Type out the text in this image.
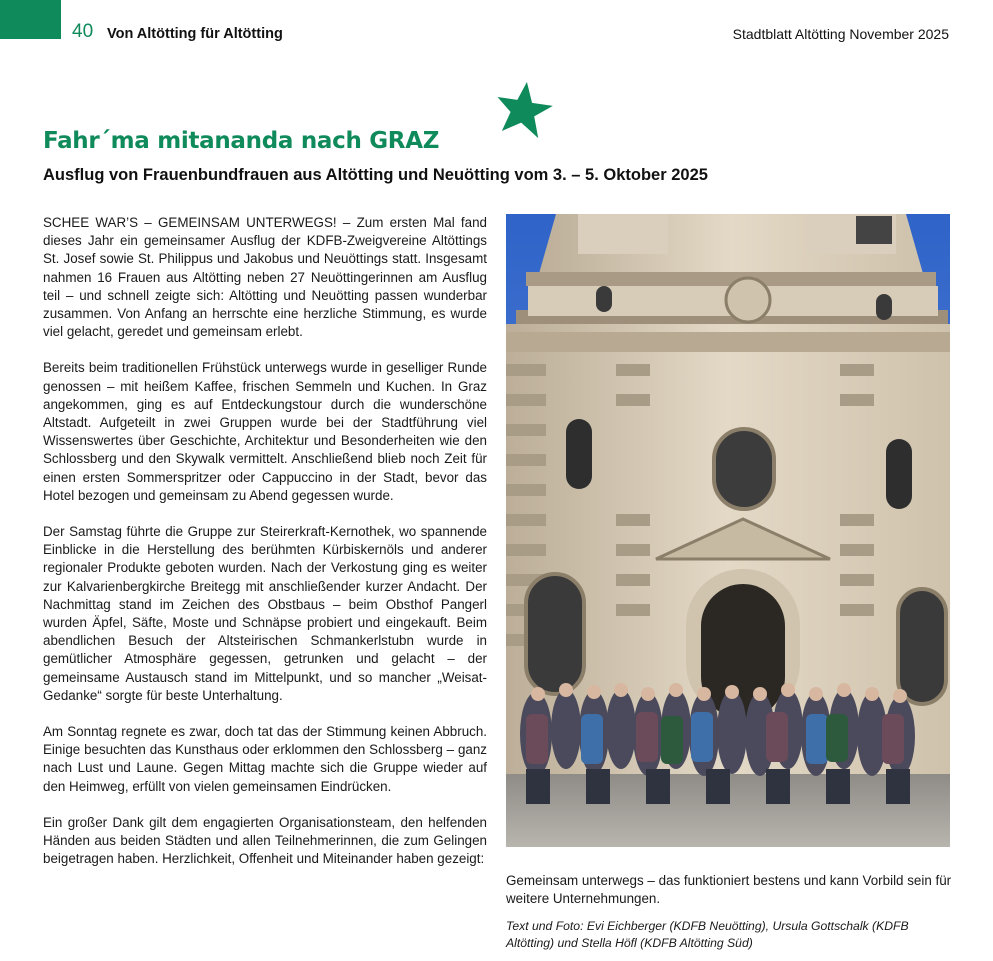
40 Von Altötting für Altötting	Stadtblatt Altötting November 2025
Fahr´ma mitananda nach GRAZ
Ausflug von Frauenbundfrauen aus Altötting und Neuötting vom 3. – 5. Oktober 2025

SCHEE WAR’S – GEMEINSAM UNTERWEGS! – Zum ersten Mal fand dieses Jahr ein gemeinsamer Ausflug der KDFB-Zweigvereine Altöttings St. Josef sowie St. Philippus und Jakobus und Neuöttings statt. Insgesamt nahmen 16 Frauen aus Altötting neben 27 Neuöttingerinnen am Ausflug teil – und schnell zeigte sich: Altötting und Neuötting passen wunderbar zusammen. Von Anfang an herrschte eine herzliche Stimmung, es wurde viel gelacht, geredet und gemeinsam erlebt.

Bereits beim traditionellen Frühstück unterwegs wurde in geselliger Runde genossen – mit heißem Kaffee, frischen Semmeln und Kuchen. In Graz angekommen, ging es auf Entdeckungstour durch die wunderschöne Altstadt. Aufgeteilt in zwei Gruppen wurde bei der Stadtführung viel Wissenswertes über Geschichte, Architektur und Besonderheiten wie den Schlossberg und den Skywalk vermittelt. Anschließend blieb noch Zeit für einen ersten Sommerspritzer oder Cappuccino in der Stadt, bevor das Hotel bezogen und gemeinsam zu Abend gegessen wurde.

Der Samstag führte die Gruppe zur Steirerkraft-Kernothek, wo spannende Einblicke in die Herstellung des berühmten Kürbiskernöls und anderer regionaler Produkte geboten wurden. Nach der Verkostung ging es weiter zur Kalvarienbergkirche Breitegg mit anschließender kurzer Andacht. Der Nachmittag stand im Zeichen des Obstbaus – beim Obsthof Pangerl wurden Äpfel, Säfte, Moste und Schnäpse probiert und eingekauft. Beim abendlichen Besuch der Altsteirischen Schmankerlstubn wurde in gemütlicher Atmosphäre gegessen, getrunken und gelacht – der gemeinsame Austausch stand im Mittelpunkt, und so mancher „Weisat-Gedanke“ sorgte für beste Unterhaltung.

Am Sonntag regnete es zwar, doch tat das der Stimmung keinen Abbruch. Einige besuchten das Kunsthaus oder erklommen den Schlossberg – ganz nach Lust und Laune. Gegen Mittag machte sich die Gruppe wieder auf den Heimweg, erfüllt von vielen gemeinsamen Eindrücken.

Ein großer Dank gilt dem engagierten Organisationsteam, den helfenden Händen aus beiden Städten und allen Teilnehmerinnen, die zum Gelingen beigetragen haben. Herzlichkeit, Offenheit und Miteinander haben gezeigt:

Gemeinsam unterwegs – das funktioniert bestens und kann Vorbild sein für weitere Unternehmungen.
Text und Foto: Evi Eichberger (KDFB Neuötting), Ursula Gottschalk (KDFB Altötting) und Stella Höfl (KDFB Altötting Süd)
